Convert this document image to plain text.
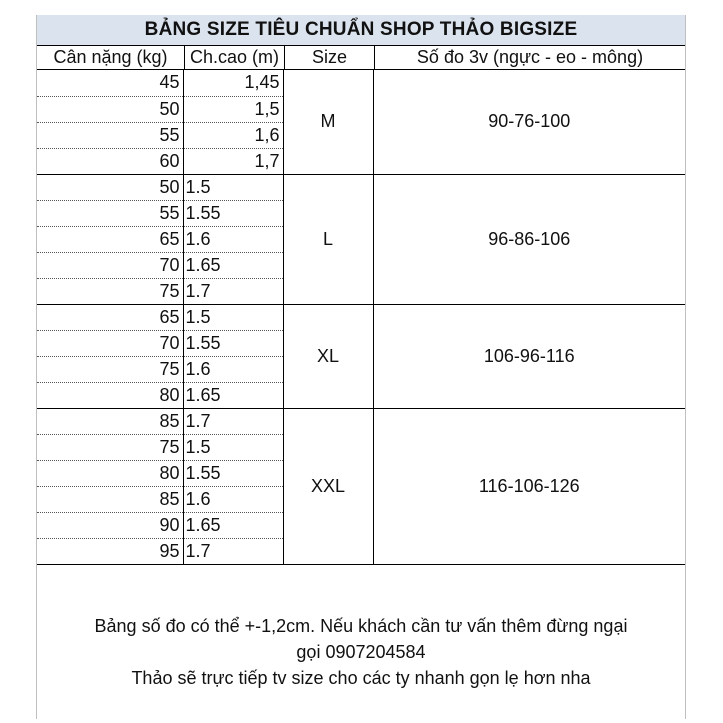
BẢNG SIZE TIÊU CHUẨN SHOP THẢO BIGSIZE
Cân nặng (kg)	Ch.cao (m)	Size	Số đo 3v (ngực - eo - mông)
45	1,45	M	90-76-100
50	1,5		
55	1,6		
60	1,7		
50	1.5	L	96-86-106
55	1.55		
65	1.6		
70	1.65		
75	1.7		
65	1.5	XL	106-96-116
70	1.55		
75	1.6		
80	1.65		
85	1.7	XXL	116-106-126
75	1.5		
80	1.55		
85	1.6		
90	1.65		
95	1.7		
Bảng số đo có thể +-1,2cm. Nếu khách cần tư vấn thêm đừng ngại
gọi 0907204584
Thảo sẽ trực tiếp tv size cho các ty nhanh gọn lẹ hơn nha
